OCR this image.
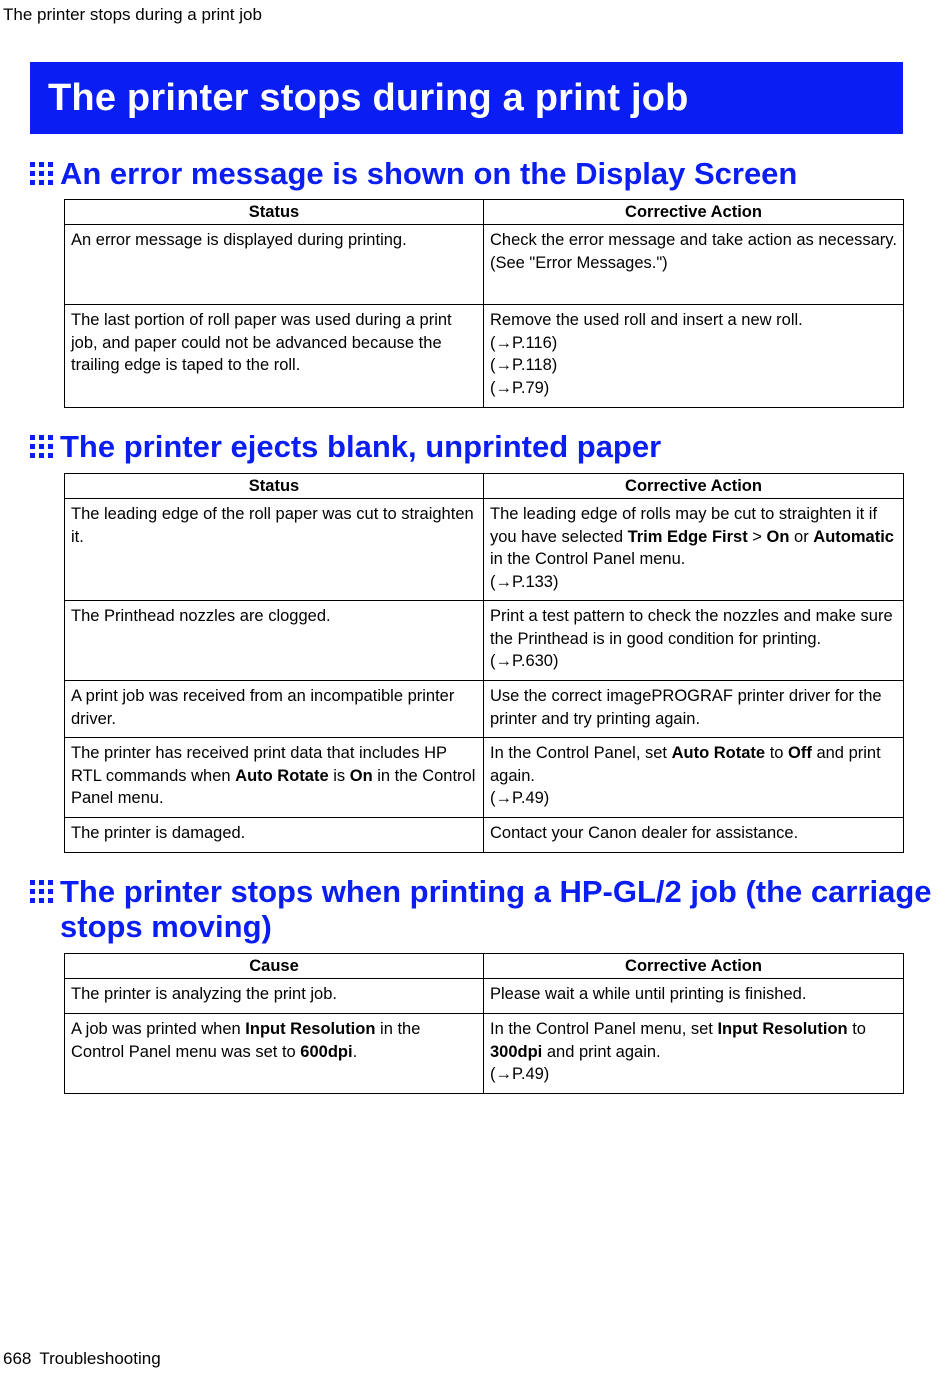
The printer stops during a print job
The printer stops during a print job
An error message is shown on the Display Screen
Status	Corrective Action
An error message is displayed during printing.	Check the error message and take action as necessary.
(See "Error Messages.")
The last portion of roll paper was used during a print job, and paper could not be advanced because the trailing edge is taped to the roll.	Remove the used roll and insert a new roll.
(→P.116)
(→P.118)
(→P.79)
The printer ejects blank, unprinted paper
Status	Corrective Action
The leading edge of the roll paper was cut to straighten it.	The leading edge of rolls may be cut to straighten it if you have selected Trim Edge First > On or Automatic in the Control Panel menu.
(→P.133)
The Printhead nozzles are clogged.	Print a test pattern to check the nozzles and make sure the Printhead is in good condition for printing.
(→P.630)
A print job was received from an incompatible printer driver.	Use the correct imagePROGRAF printer driver for the printer and try printing again.
The printer has received print data that includes HP RTL commands when Auto Rotate is On in the Control Panel menu.	In the Control Panel, set Auto Rotate to Off and print again.
(→P.49)
The printer is damaged.	Contact your Canon dealer for assistance.
The printer stops when printing a HP-GL/2 job (the carriage stops moving)
Cause	Corrective Action
The printer is analyzing the print job.	Please wait a while until printing is finished.
A job was printed when Input Resolution in the Control Panel menu was set to 600dpi.	In the Control Panel menu, set Input Resolution to 300dpi and print again.
(→P.49)
668 Troubleshooting
